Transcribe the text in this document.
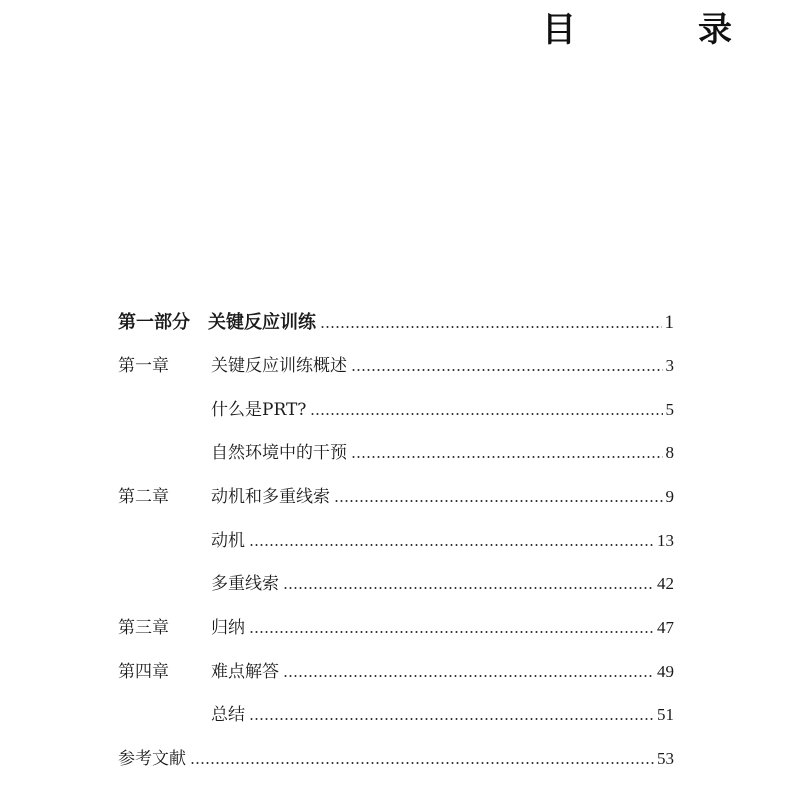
目　录
第一部分 关键反应训练	1
第一章	关键反应训练概述	3
什么是PRT?	5
自然环境中的干预	8
第二章	动机和多重线索	9
动机	13
多重线索	42
第三章	归纳	47
第四章	难点解答	49
总结	51
参考文献	53
